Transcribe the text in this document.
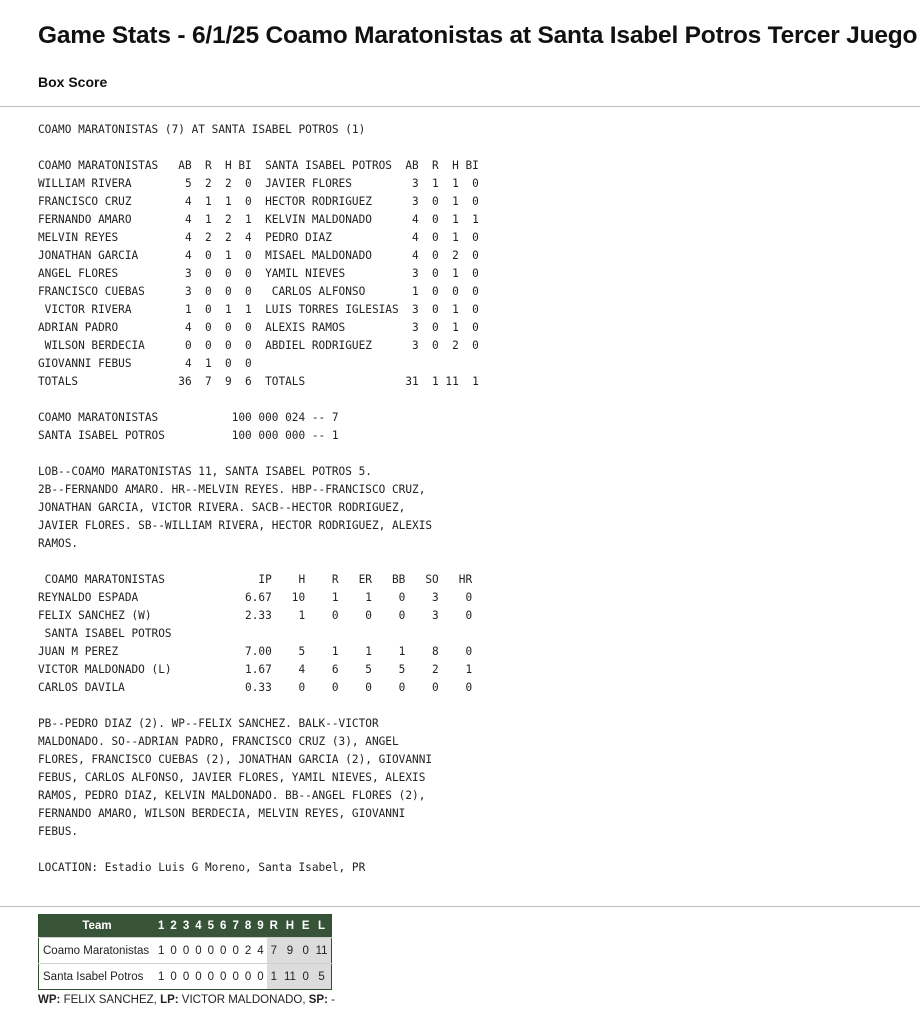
Game Stats - 6/1/25 Coamo Maratonistas at Santa Isabel Potros Tercer Juego
Box Score
COAMO MARATONISTAS (7) AT SANTA ISABEL POTROS (1)

COAMO MARATONISTAS   AB  R  H BI  SANTA ISABEL POTROS  AB  R  H BI
WILLIAM RIVERA        5  2  2  0  JAVIER FLORES         3  1  1  0
FRANCISCO CRUZ        4  1  1  0  HECTOR RODRIGUEZ      3  0  1  0
FERNANDO AMARO        4  1  2  1  KELVIN MALDONADO      4  0  1  1
MELVIN REYES          4  2  2  4  PEDRO DIAZ            4  0  1  0
JONATHAN GARCIA       4  0  1  0  MISAEL MALDONADO      4  0  2  0
ANGEL FLORES          3  0  0  0  YAMIL NIEVES          3  0  1  0
FRANCISCO CUEBAS      3  0  0  0   CARLOS ALFONSO       1  0  0  0
VICTOR RIVERA        1  0  1  1  LUIS TORRES IGLESIAS  3  0  1  0
ADRIAN PADRO          4  0  0  0  ALEXIS RAMOS          3  0  1  0
WILSON BERDECIA      0  0  0  0  ABDIEL RODRIGUEZ      3  0  2  0
GIOVANNI FEBUS        4  1  0  0
TOTALS               36  7  9  6  TOTALS               31  1 11  1

COAMO MARATONISTAS           100 000 024 -- 7
SANTA ISABEL POTROS          100 000 000 -- 1

LOB--COAMO MARATONISTAS 11, SANTA ISABEL POTROS 5.
2B--FERNANDO AMARO. HR--MELVIN REYES. HBP--FRANCISCO CRUZ,
JONATHAN GARCIA, VICTOR RIVERA. SACB--HECTOR RODRIGUEZ,
JAVIER FLORES. SB--WILLIAM RIVERA, HECTOR RODRIGUEZ, ALEXIS
RAMOS.

COAMO MARATONISTAS              IP    H    R   ER   BB   SO   HR
REYNALDO ESPADA                6.67   10    1    1    0    3    0
FELIX SANCHEZ (W)              2.33    1    0    0    0    3    0
SANTA ISABEL POTROS
JUAN M PEREZ                   7.00    5    1    1    1    8    0
VICTOR MALDONADO (L)           1.67    4    6    5    5    2    1
CARLOS DAVILA                  0.33    0    0    0    0    0    0

PB--PEDRO DIAZ (2). WP--FELIX SANCHEZ. BALK--VICTOR
MALDONADO. SO--ADRIAN PADRO, FRANCISCO CRUZ (3), ANGEL
FLORES, FRANCISCO CUEBAS (2), JONATHAN GARCIA (2), GIOVANNI
FEBUS, CARLOS ALFONSO, JAVIER FLORES, YAMIL NIEVES, ALEXIS
RAMOS, PEDRO DIAZ, KELVIN MALDONADO. BB--ANGEL FLORES (2),
FERNANDO AMARO, WILSON BERDECIA, MELVIN REYES, GIOVANNI
FEBUS.

LOCATION: Estadio Luis G Moreno, Santa Isabel, PR
Team	1	2	3	4	5	6	7	8	9	R	H	E	L
Coamo Maratonistas	1	0	0	0	0	0	0	2	4	7	9	0	11
Santa Isabel Potros	1	0	0	0	0	0	0	0	0	1	11	0	5

WP: FELIX SANCHEZ, LP: VICTOR MALDONADO, SP: -
